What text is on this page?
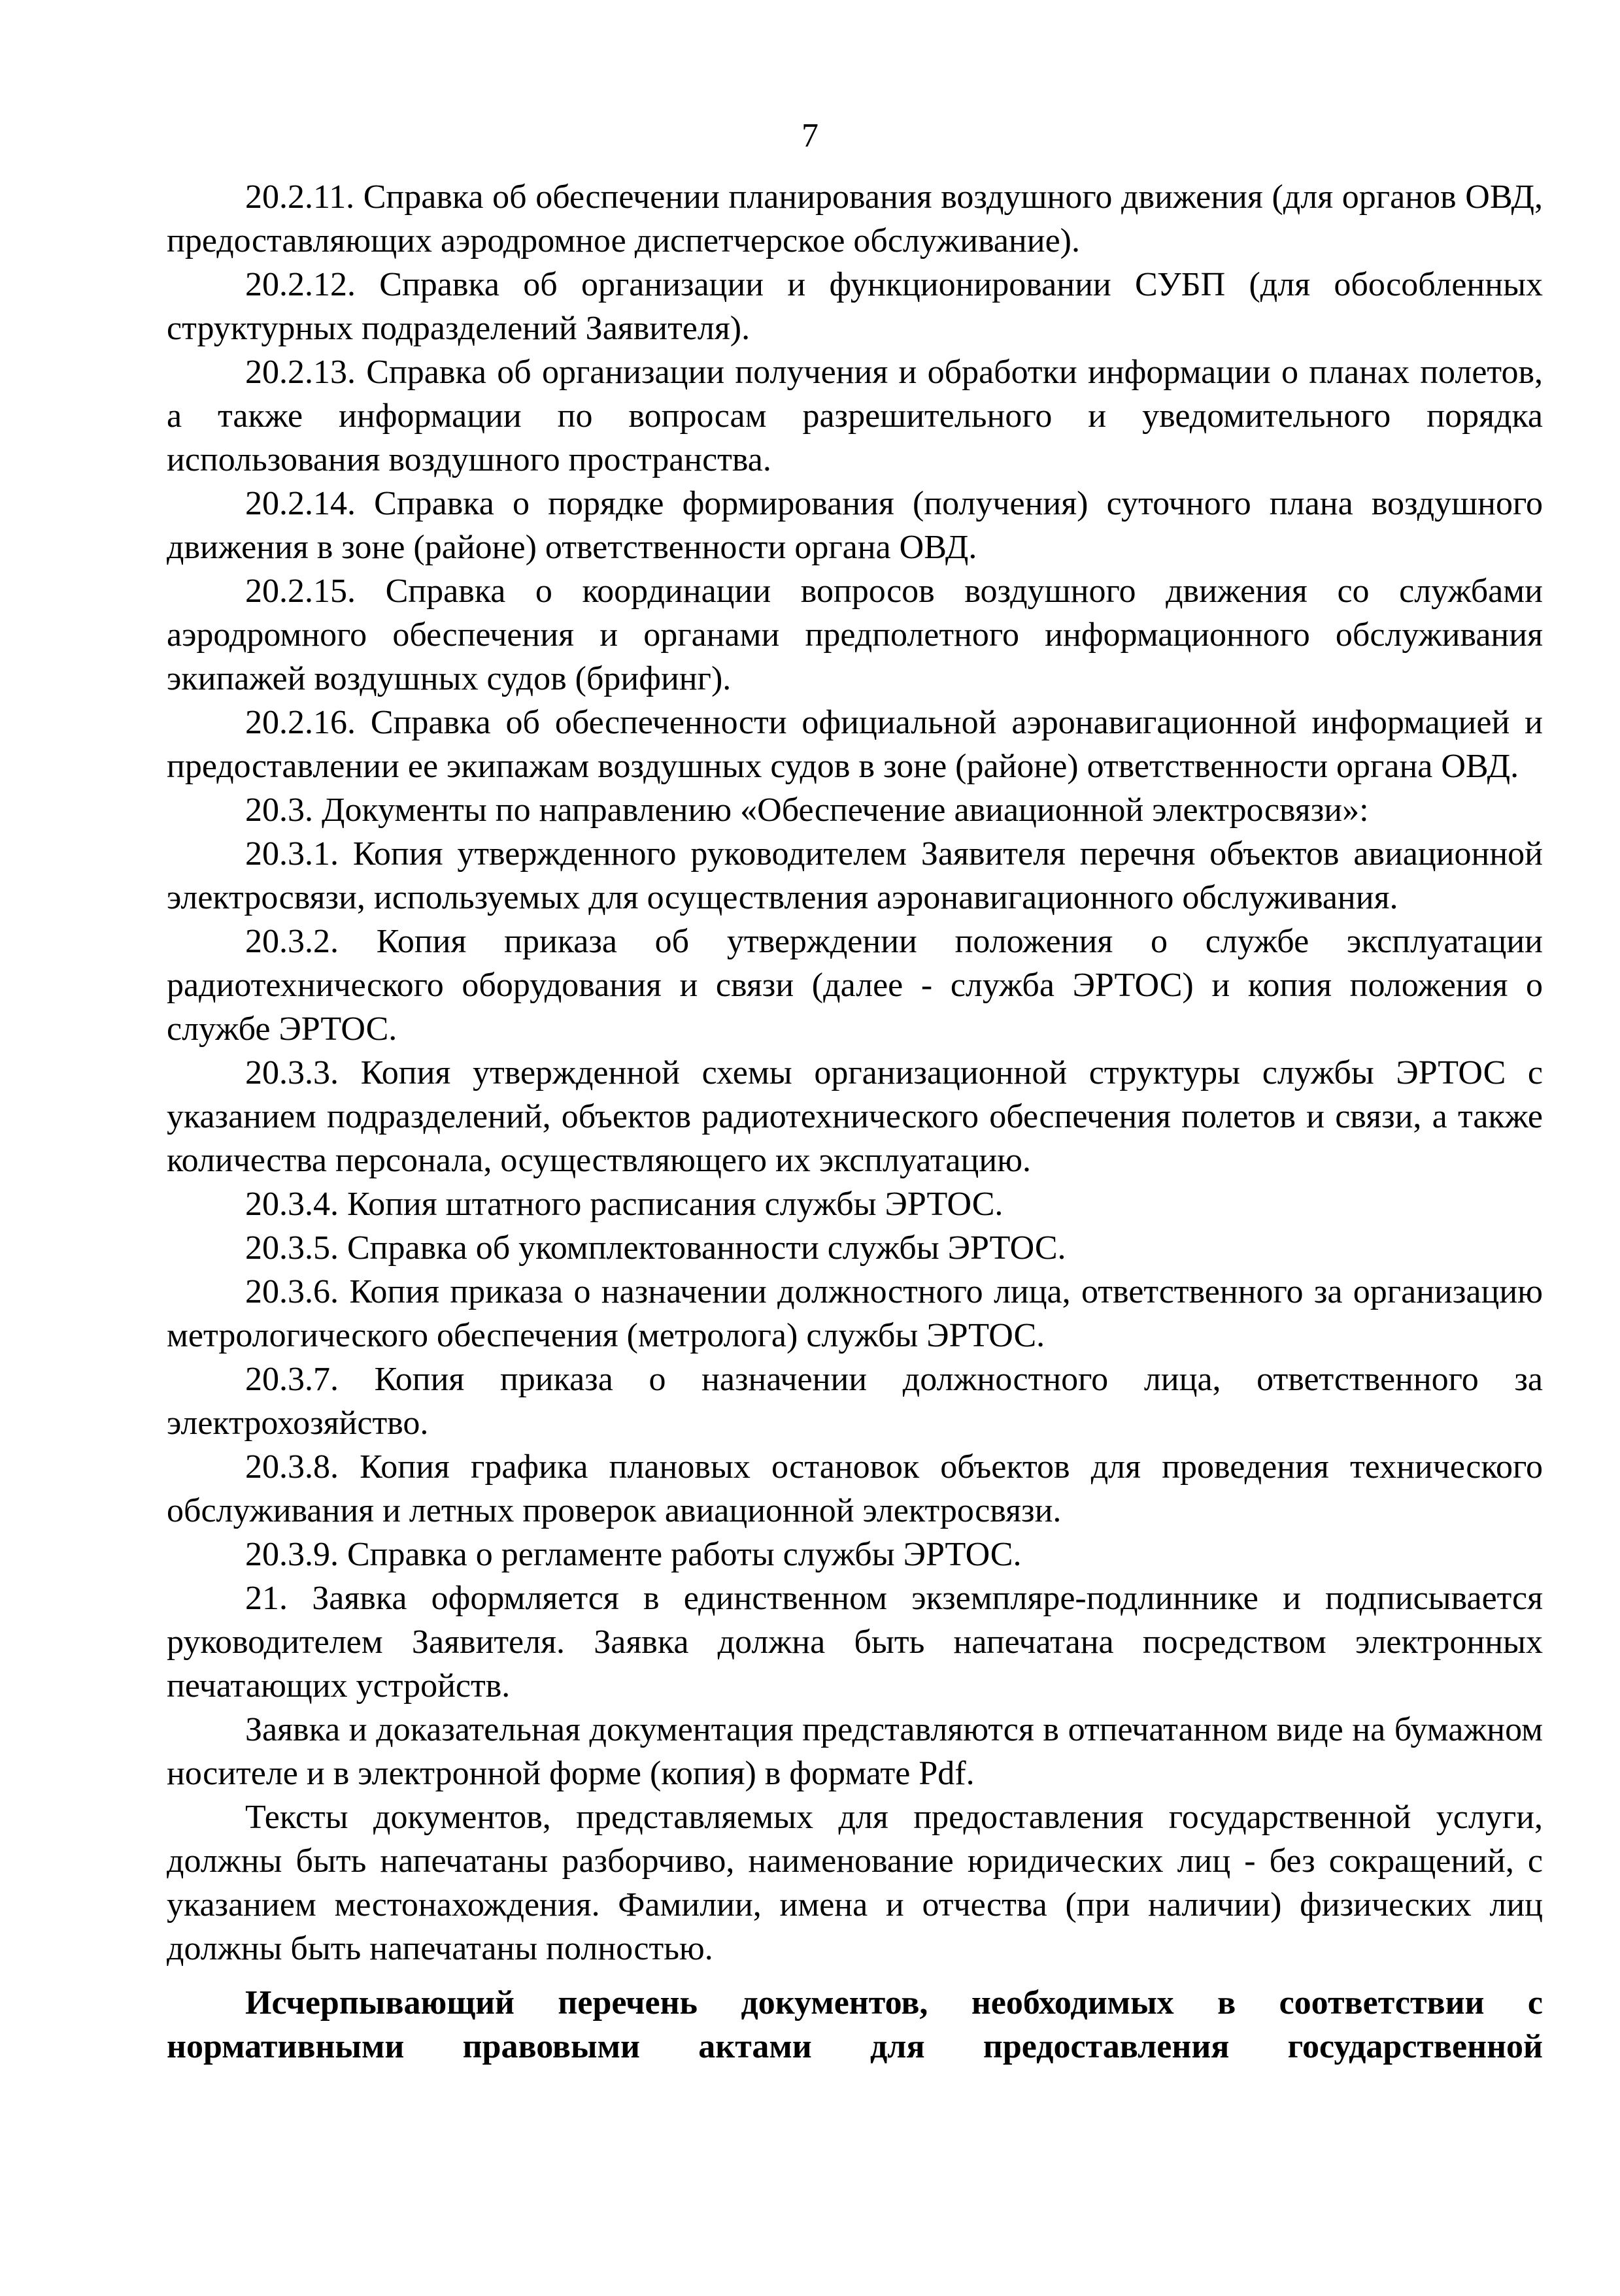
7

20.2.11. Справка об обеспечении планирования воздушного движения (для органов ОВД, предоставляющих аэродромное диспетчерское обслуживание).

20.2.12. Справка об организации и функционировании СУБП (для обособленных структурных подразделений Заявителя).

20.2.13. Справка об организации получения и обработки информации о планах полетов, а также информации по вопросам разрешительного и уведомительного порядка использования воздушного пространства.

20.2.14. Справка о порядке формирования (получения) суточного плана воздушного движения в зоне (районе) ответственности органа ОВД.

20.2.15. Справка о координации вопросов воздушного движения со службами аэродромного обеспечения и органами предполетного информационного обслуживания экипажей воздушных судов (брифинг).

20.2.16. Справка об обеспеченности официальной аэронавигационной информацией и предоставлении ее экипажам воздушных судов в зоне (районе) ответственности органа ОВД.

20.3. Документы по направлению «Обеспечение авиационной электросвязи»:

20.3.1. Копия утвержденного руководителем Заявителя перечня объектов авиационной электросвязи, используемых для осуществления аэронавигационного обслуживания.

20.3.2. Копия приказа об утверждении положения о службе эксплуатации радиотехнического оборудования и связи (далее - служба ЭРТОС) и копия положения о службе ЭРТОС.

20.3.3. Копия утвержденной схемы организационной структуры службы ЭРТОС с указанием подразделений, объектов радиотехнического обеспечения полетов и связи, а также количества персонала, осуществляющего их эксплуатацию.

20.3.4. Копия штатного расписания службы ЭРТОС.

20.3.5. Справка об укомплектованности службы ЭРТОС.

20.3.6. Копия приказа о назначении должностного лица, ответственного за организацию метрологического обеспечения (метролога) службы ЭРТОС.

20.3.7. Копия приказа о назначении должностного лица, ответственного за электрохозяйство.

20.3.8. Копия графика плановых остановок объектов для проведения технического обслуживания и летных проверок авиационной электросвязи.

20.3.9. Справка о регламенте работы службы ЭРТОС.

21. Заявка оформляется в единственном экземпляре-подлиннике и подписывается руководителем Заявителя. Заявка должна быть напечатана посредством электронных печатающих устройств.

Заявка и доказательная документация представляются в отпечатанном виде на бумажном носителе и в электронной форме (копия) в формате Pdf.

Тексты документов, представляемых для предоставления государственной услуги, должны быть напечатаны разборчиво, наименование юридических лиц - без сокращений, с указанием местонахождения. Фамилии, имена и отчества (при наличии) физических лиц должны быть напечатаны полностью.

Исчерпывающий перечень документов, необходимых в соответствии с нормативными правовыми актами для предоставления государственной
